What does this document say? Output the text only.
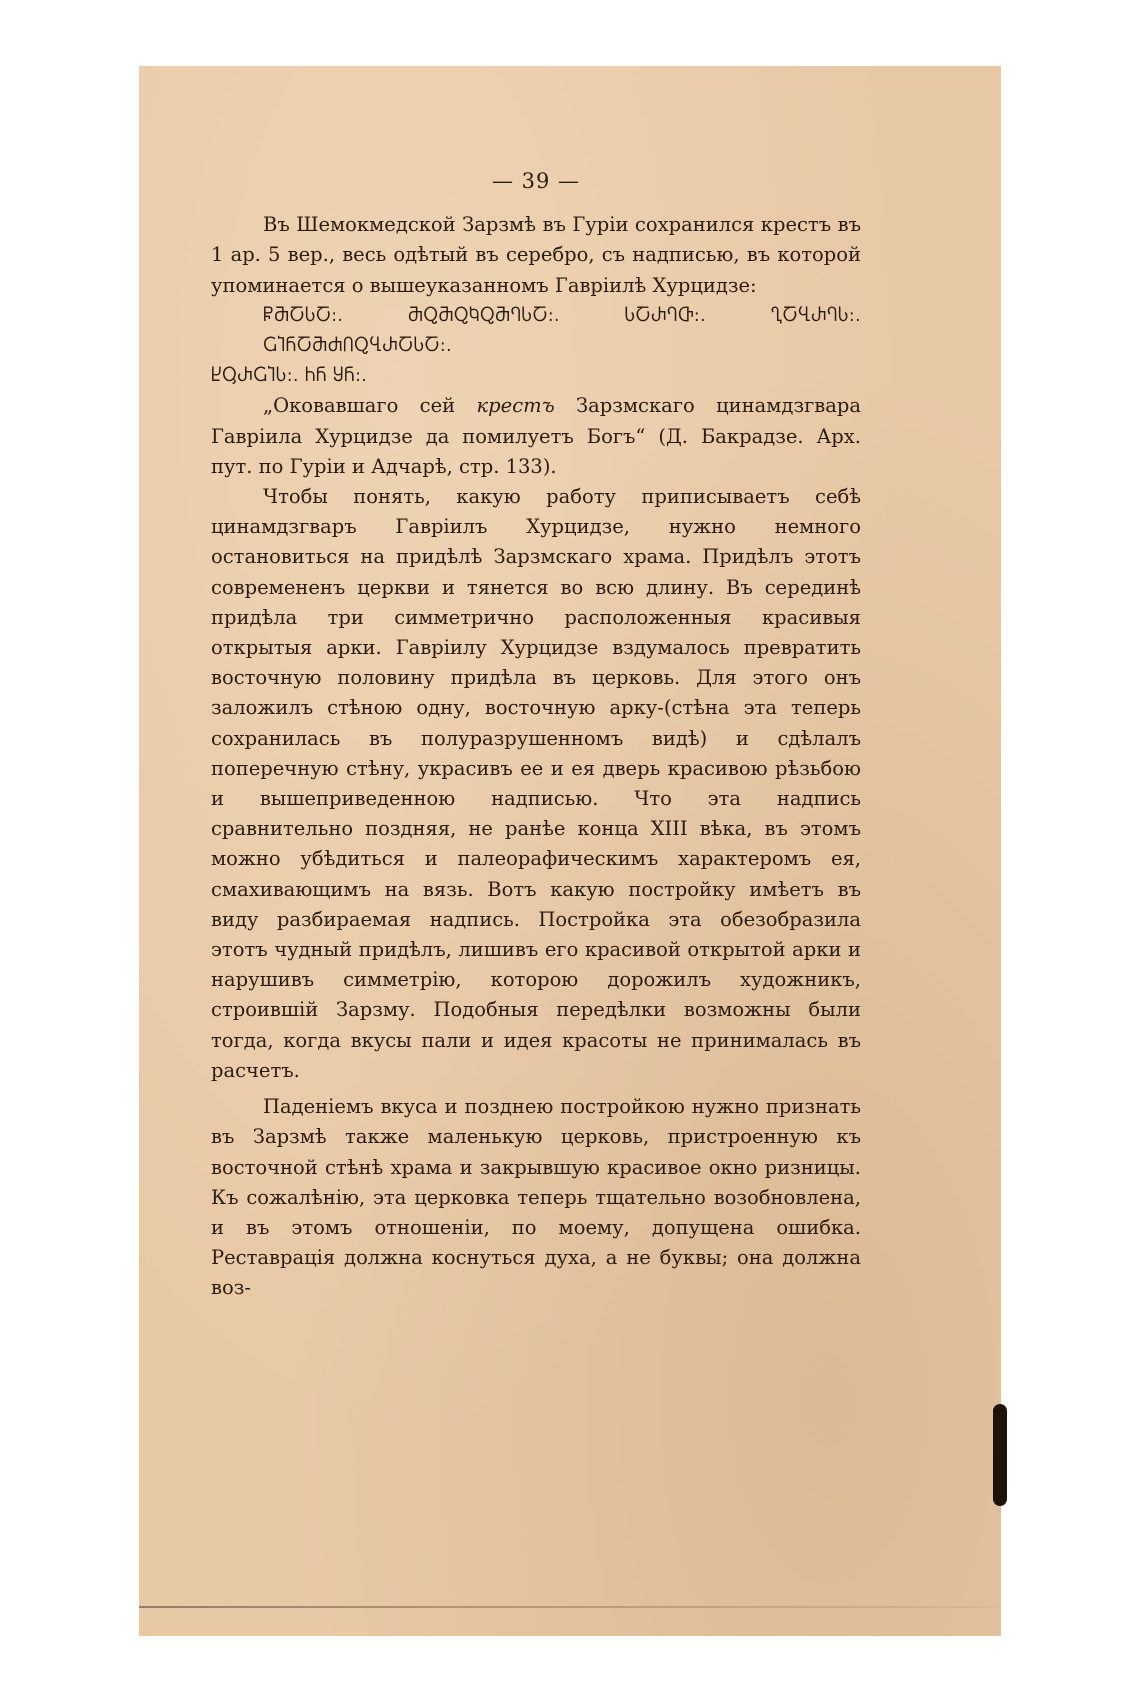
— 39 —

Въ Шемокмедской Зарзмѣ въ Гуріи сохранился крестъ въ 1 ар. 5 вер., весь одѣтый въ серебро, съ надписью, въ которой упоминается о вышеуказанномъ Гавріилѣ Хурцидзе:

ႼႫႠႱႠ:. ႫႭႫႭႩႭႫႤႱႠ:. ႱႠႰႤႧ:. ႢႠႡႰႤႱ:. ႺႨႬႠႫႻႶႭႡႰႠႱႠ:.

ႾႳႰႺႨႱ:. ႹႬ ႸႬ:.

„Оковавшаго сей крестъ Зарзмскаго цинамдзгвара Гавріила Хурцидзе да помилуетъ Богъ“ (Д. Бакрадзе. Арх. пут. по Гуріи и Адчарѣ, стр. 133).

Чтобы понять, какую работу приписываетъ себѣ цинамдзгваръ Гавріилъ Хурцидзе, нужно немного остановиться на придѣлѣ Зарзмскаго храма. Придѣлъ этотъ современенъ церкви и тянется во всю длину. Въ серединѣ придѣла три симметрично расположенныя красивыя открытыя арки. Гавріилу Хурцидзе вздумалось превратить восточную половину придѣла въ церковь. Для этого онъ заложилъ стѣною одну, восточную арку-(стѣна эта теперь сохранилась въ полуразрушенномъ видѣ) и сдѣлалъ поперечную стѣну, украсивъ ее и ея дверь красивою рѣзьбою и вышеприведенною надписью. Что эта надпись сравнительно поздняя, не ранѣе конца XIII вѣка, въ этомъ можно убѣдиться и палеорафическимъ характеромъ ея, смахивающимъ на вязь. Вотъ какую постройку имѣетъ въ виду разбираемая надпись. Постройка эта обезобразила этотъ чудный придѣлъ, лишивъ его красивой открытой арки и нарушивъ симметрію, которою дорожилъ художникъ, строившій Зарзму. Подобныя передѣлки возможны были тогда, когда вкусы пали и идея красоты не принималась въ расчетъ.

Паденіемъ вкуса и позднею постройкою нужно признать въ Зарзмѣ также маленькую церковь, пристроенную къ восточной стѣнѣ храма и закрывшую красивое окно ризницы. Къ сожалѣнію, эта церковка теперь тщательно возобновлена, и въ этомъ отношеніи, по моему, допущена ошибка. Реставрація должна коснуться духа, а не буквы; она должна воз-
